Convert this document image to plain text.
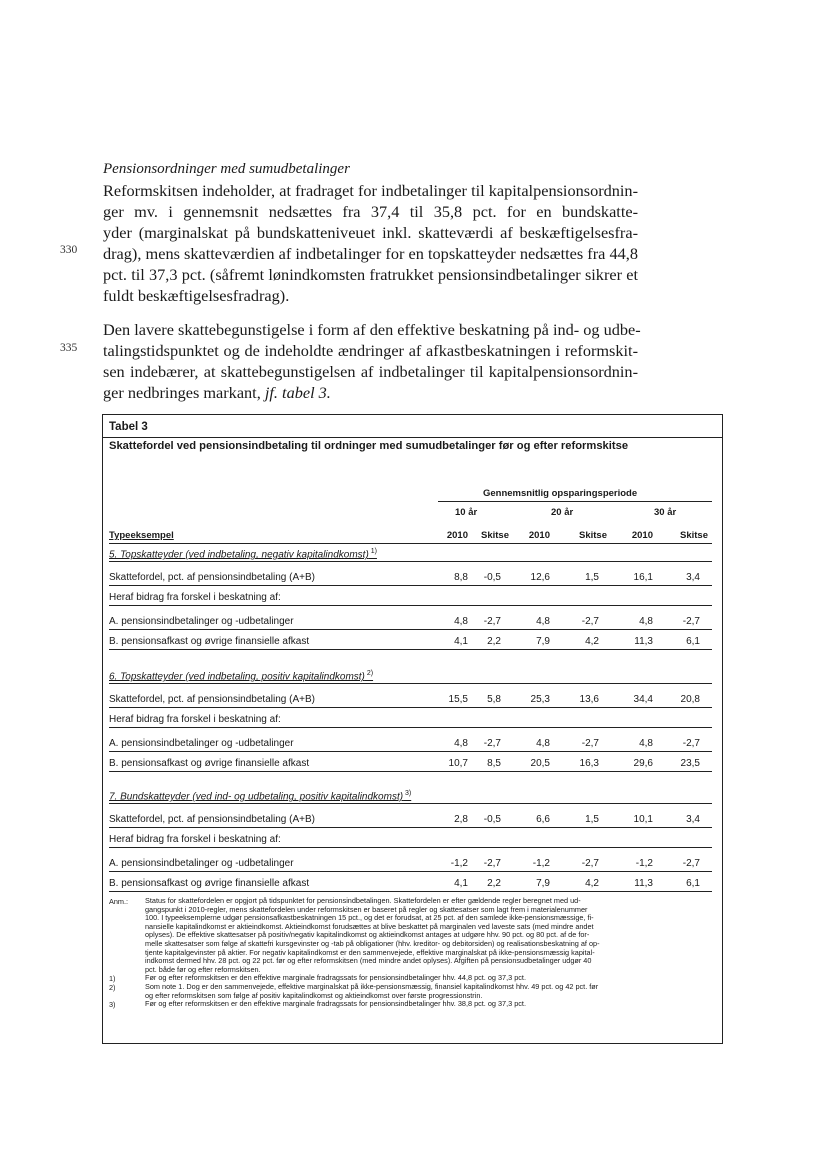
Pensionsordninger med sumudbetalinger
Reformskitsen indeholder, at fradraget for indbetalinger til kapitalpensionsordnin-
ger mv. i gennemsnit nedsættes fra 37,4 til 35,8 pct. for en bundskatte-
yder (marginalskat på bundskatteniveuet inkl. skatteværdi af beskæftigelsesfra-
drag), mens skatteværdien af indbetalinger for en topskatteyder nedsættes fra 44,8
pct. til 37,3 pct. (såfremt lønindkomsten fratrukket pensionsindbetalinger sikrer et
fuldt beskæftigelsesfradrag).
Den lavere skattebegunstigelse i form af den effektive beskatning på ind- og udbe-
talingstidspunktet og de indeholdte ændringer af afkastbeskatningen i reformskit-
sen indebærer, at skattebegunstigelsen af indbetalinger til kapitalpensionsordnin-
ger nedbringes markant, jf. tabel 3.
330
335
Tabel 3
Skattefordel ved pensionsindbetaling til ordninger med sumudbetalinger før og efter reformskitse
Gennemsnitlig opsparingsperiode
10 år	20 år	30 år
Typeeksempel	2010	Skitse	2010	Skitse	2010	Skitse
5. Topskatteyder (ved indbetaling, negativ kapitalindkomst) $^{1)}$
Skattefordel, pct. af pensionsindbetaling (A+B)	8,8	-0,5	12,6	1,5	16,1	3,4
Heraf bidrag fra forskel i beskatning af:
A. pensionsindbetalinger og -udbetalinger	4,8	-2,7	4,8	-2,7	4,8	-2,7
B. pensionsafkast og øvrige finansielle afkast	4,1	2,2	7,9	4,2	11,3	6,1
6. Topskatteyder (ved indbetaling, positiv kapitalindkomst) $^{2)}$
Skattefordel, pct. af pensionsindbetaling (A+B)	15,5	5,8	25,3	13,6	34,4	20,8
Heraf bidrag fra forskel i beskatning af:
A. pensionsindbetalinger og -udbetalinger	4,8	-2,7	4,8	-2,7	4,8	-2,7
B. pensionsafkast og øvrige finansielle afkast	10,7	8,5	20,5	16,3	29,6	23,5
7. Bundskatteyder (ved ind- og udbetaling, positiv kapitalindkomst) $^{3)}$
Skattefordel, pct. af pensionsindbetaling (A+B)	2,8	-0,5	6,6	1,5	10,1	3,4
Heraf bidrag fra forskel i beskatning af:
A. pensionsindbetalinger og -udbetalinger	-1,2	-2,7	-1,2	-2,7	-1,2	-2,7
B. pensionsafkast og øvrige finansielle afkast	4,1	2,2	7,9	4,2	11,3	6,1
Anm.: Status for skattefordelen er opgjort på tidspunktet for pensionsindbetalingen. Skattefordelen er efter gældende regler beregnet med ud-
gangspunkt i 2010-regler, mens skattefordelen under reformskitsen er baseret på regler og skattesatser som lagt frem i materialenummer
100. I typeeksemplerne udgør pensionsafkastbeskatningen 15 pct., og det er forudsat, at 25 pct. af den samlede ikke-pensionsmæssige, fi-
nansielle kapitalindkomst er aktieindkomst. Aktieindkomst forudsættes at blive beskattet på marginalen ved laveste sats (med mindre andet
oplyses). De effektive skattesatser på positiv/negativ kapitalindkomst og aktieindkomst antages at udgøre hhv. 90 pct. og 80 pct. af de for-
melle skattesatser som følge af skattefri kursgevinster og -tab på obligationer (hhv. kreditor- og debitorsiden) og realisationsbeskatning af op-
tjente kapitalgevinster på aktier. For negativ kapitalindkomst er den sammenvejede, effektive marginalskat på ikke-pensionsmæssig kapital-
indkomst dermed hhv. 28 pct. og 22 pct. før og efter reformskitsen (med mindre andet oplyses). Afgiften på pensionsudbetalinger udgør 40
pct. både før og efter reformskitsen.
1)	Før og efter reformskitsen er den effektive marginale fradragssats for pensionsindbetalinger hhv. 44,8 pct. og 37,3 pct.
2)	Som note 1. Dog er den sammenvejede, effektive marginalskat på ikke-pensionsmæssig, finansiel kapitalindkomst hhv. 49 pct. og 42 pct. før
og efter reformskitsen som følge af positiv kapitalindkomst og aktieindkomst over første progressionstrin.
3)	Før og efter reformskitsen er den effektive marginale fradragssats for pensionsindbetalinger hhv. 38,8 pct. og 37,3 pct.
